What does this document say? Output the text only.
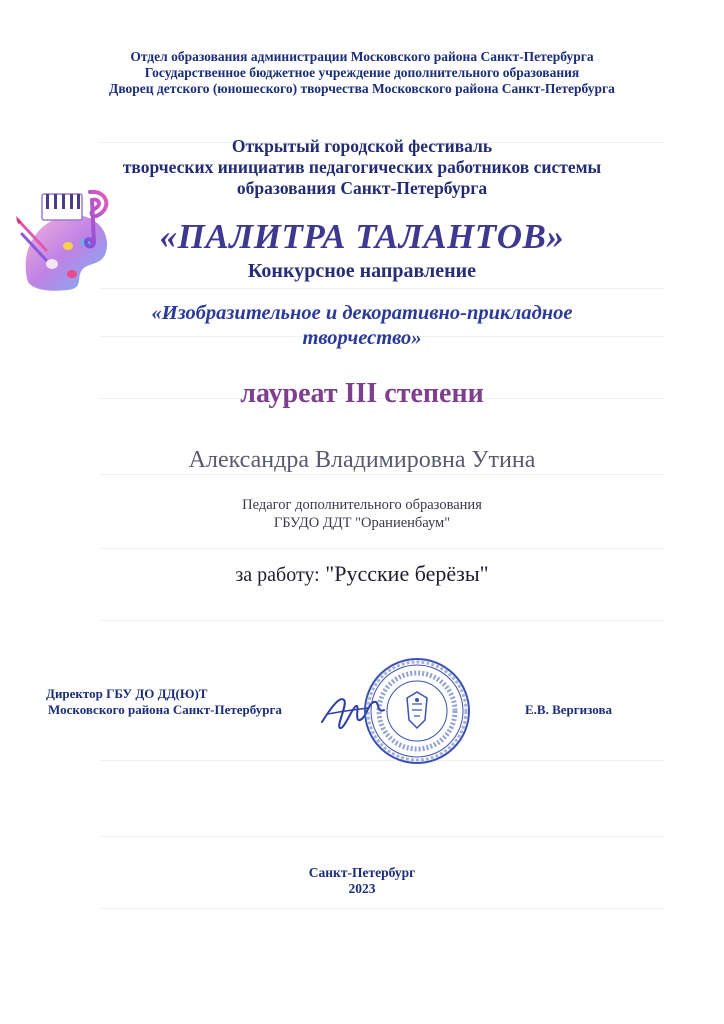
Отдел образования администрации Московского района Санкт-Петербурга
Государственное бюджетное учреждение дополнительного образования
Дворец детского (юношеского) творчества Московского района Санкт-Петербурга
Открытый городской фестиваль
творческих инициатив педагогических работников системы
образования Санкт-Петербурга
«ПАЛИТРА ТАЛАНТОВ»
Конкурсное направление
«Изобразительное и декоративно-прикладное
творчество»
лауреат III степени
Александра Владимировна Утина
Педагог дополнительного образования
ГБУДО ДДТ "Ораниенбаум"
за работу: "Русские берёзы"
Директор ГБУ ДО ДД(Ю)Т
Московского района Санкт-Петербурга	Е.В. Вергизова
Санкт-Петербург
2023
